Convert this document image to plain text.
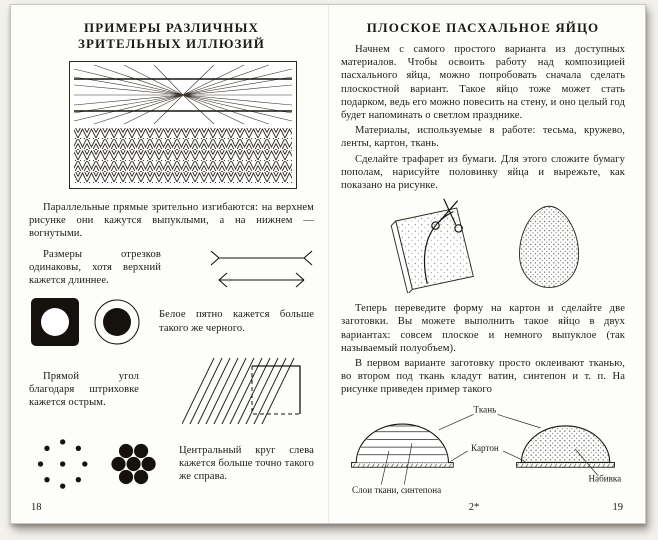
ПРИМЕРЫ РАЗЛИЧНЫХ
ЗРИТЕЛЬНЫХ ИЛЛЮЗИЙ

Параллельные прямые зрительно изгибаются: на верхнем рисунке они кажутся выпуклыми, а на нижнем — вогнутыми.

Размеры отрезков одинаковы, хотя верхний кажется длиннее.

Белое пятно кажется больше такого же черного.

Прямой угол благодаря штриховке кажется острым.

Центральный круг слева кажется больше точно такого же справа.

18
ПЛОСКОЕ ПАСХАЛЬНОЕ ЯЙЦО

Начнем с самого простого варианта из доступных материалов. Чтобы освоить работу над композицией пасхального яйца, можно попробовать сначала сделать плоскостной вариант. Такое яйцо тоже может стать подарком, ведь его можно повесить на стену, и оно целый год будет напоминать о светлом празднике.

Материалы, используемые в работе: тесьма, кружево, ленты, картон, ткань.

Сделайте трафарет из бумаги. Для этого сложите бумагу пополам, нарисуйте половинку яйца и вырежьте, как показано на рисунке.

Теперь переведите форму на картон и сделайте две заготовки. Вы можете выполнить такое яйцо в двух вариантах: совсем плоское и немного выпуклое (так называемый полуобъем).

В первом варианте заготовку просто оклеивают тканью, во втором под ткань кладут ватин, синтепон и т. п. На рисунке приведен пример такого

Ткань
Картон
Набивка
Слои ткани, синтепона
2*	19
